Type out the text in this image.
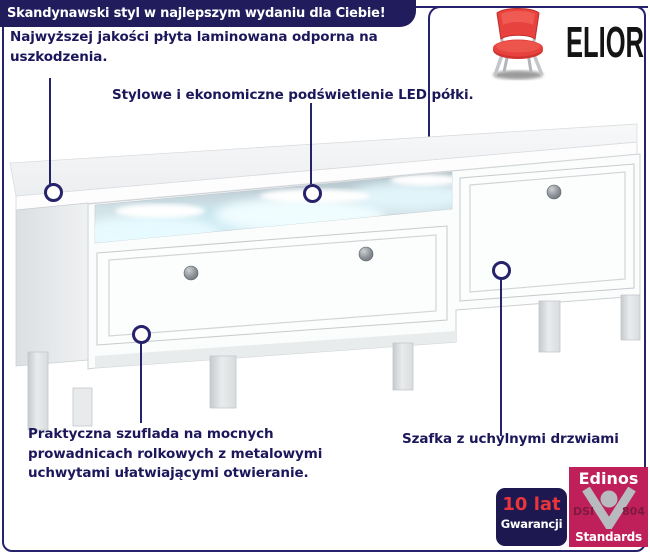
Skandynawski styl w najlepszym wydaniu dla Ciebie!
ELIOR
Najwyższej jakości płyta laminowana odporna na uszkodzenia.
Stylowe i ekonomiczne podświetlenie LED półki.
Praktyczna szuflada na mocnych prowadnicach rolkowych z metalowymi uchwytami ułatwiającymi otwieranie.
Szafka z uchylnymi drzwiami
10 lat
Gwarancji
Edinos
DSI	804
Standards
